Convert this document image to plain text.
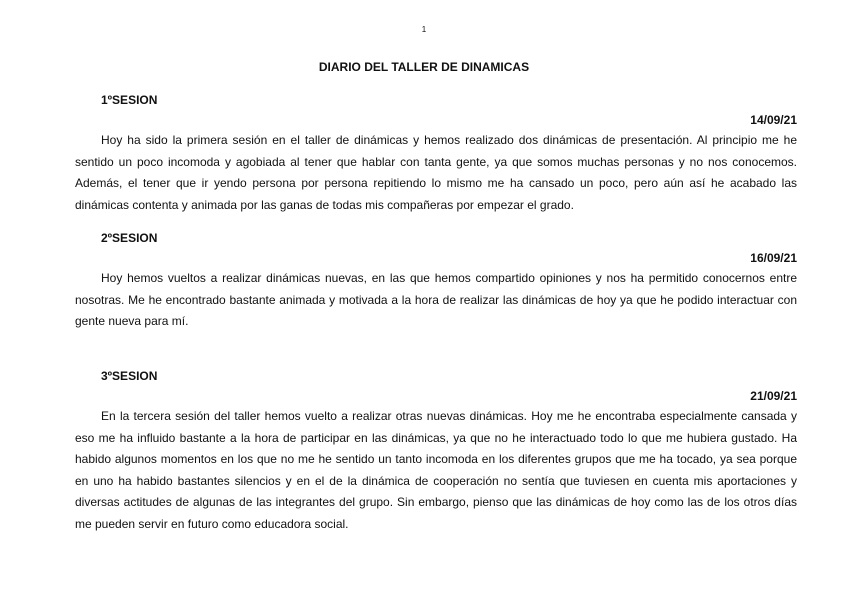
1
DIARIO DEL TALLER DE DINAMICAS
1ºSESION
14/09/21

Hoy ha sido la primera sesión en el taller de dinámicas y hemos realizado dos dinámicas de presentación. Al principio me he sentido un poco incomoda y agobiada al tener que hablar con tanta gente, ya que somos muchas personas y no nos conocemos. Además, el tener que ir yendo persona por persona repitiendo lo mismo me ha cansado un poco, pero aún así he acabado las dinámicas contenta y animada por las ganas de todas mis compañeras por empezar el grado.

2ºSESION
16/09/21

Hoy hemos vueltos a realizar dinámicas nuevas, en las que hemos compartido opiniones y nos ha permitido conocernos entre nosotras. Me he encontrado bastante animada y motivada a la hora de realizar las dinámicas de hoy ya que he podido interactuar con gente nueva para mí.

3ºSESION
21/09/21

En la tercera sesión del taller hemos vuelto a realizar otras nuevas dinámicas. Hoy me he encontraba especialmente cansada y eso me ha influido bastante a la hora de participar en las dinámicas, ya que no he interactuado todo lo que me hubiera gustado. Ha habido algunos momentos en los que no me he sentido un tanto incomoda en los diferentes grupos que me ha tocado, ya sea porque en uno ha habido bastantes silencios y en el de la dinámica de cooperación no sentía que tuviesen en cuenta mis aportaciones y diversas actitudes de algunas de las integrantes del grupo. Sin embargo, pienso que las dinámicas de hoy como las de los otros días me pueden servir en futuro como educadora social.
